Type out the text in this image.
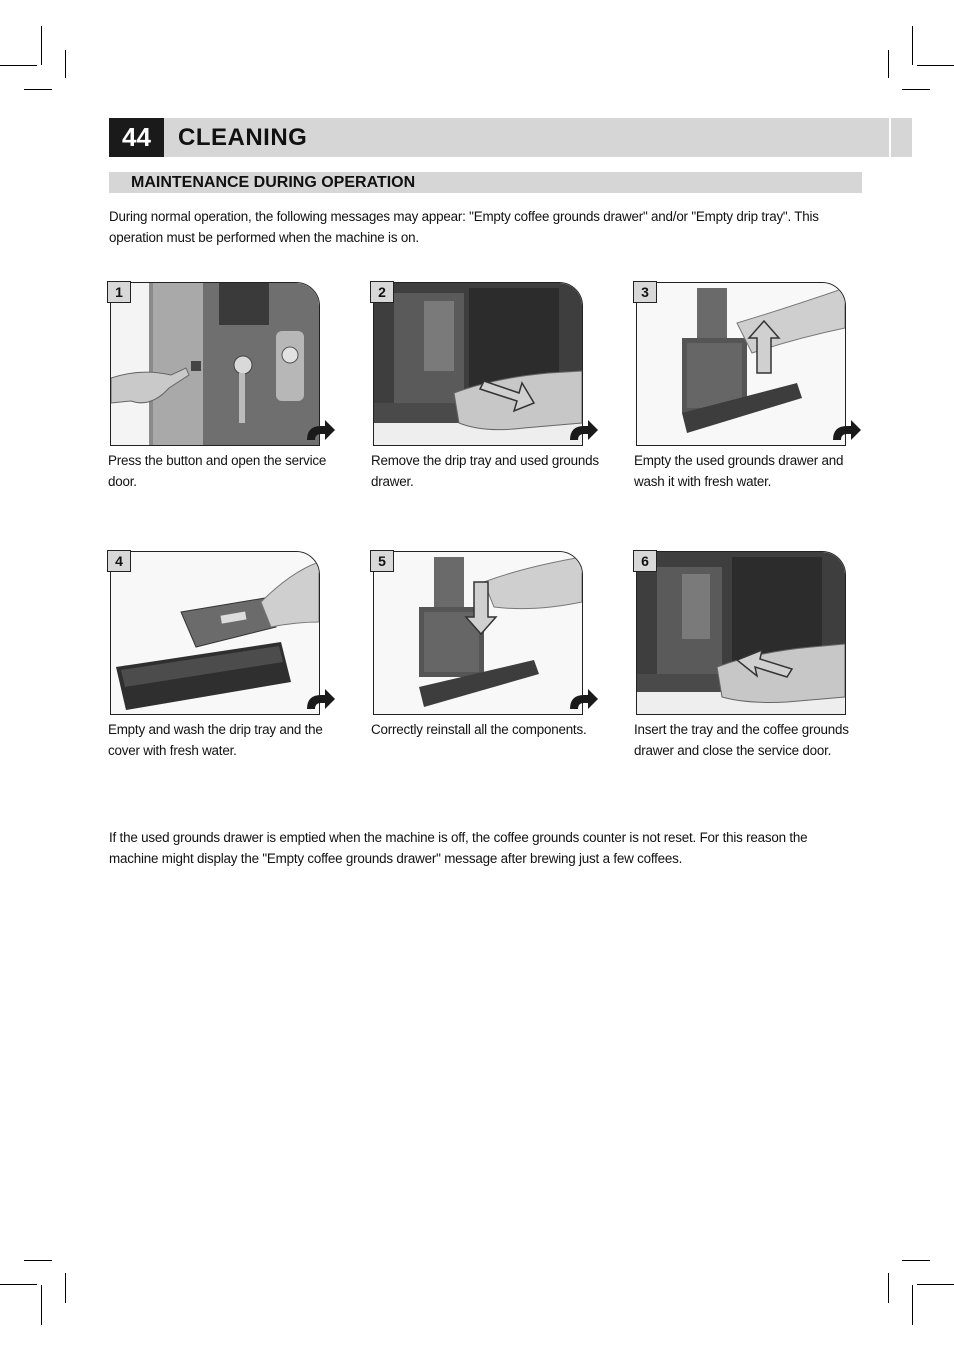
44	CLEANING
MAINTENANCE DURING OPERATION
During normal operation, the following messages may appear: "Empty coffee grounds drawer" and/or "Empty drip tray". This operation must be performed when the machine is on.
1
Press the button and open the service door.
2
Remove the drip tray and used grounds drawer.
3
Empty the used grounds drawer and wash it with fresh water.
4
Empty and wash the drip tray and the cover with fresh water.
5
Correctly reinstall all the components.
6
Insert the tray and the coffee grounds drawer and close the service door.
If the used grounds drawer is emptied when the machine is off, the coffee grounds counter is not reset. For this reason the machine might display the "Empty coffee grounds drawer" message after brewing just a few coffees.
